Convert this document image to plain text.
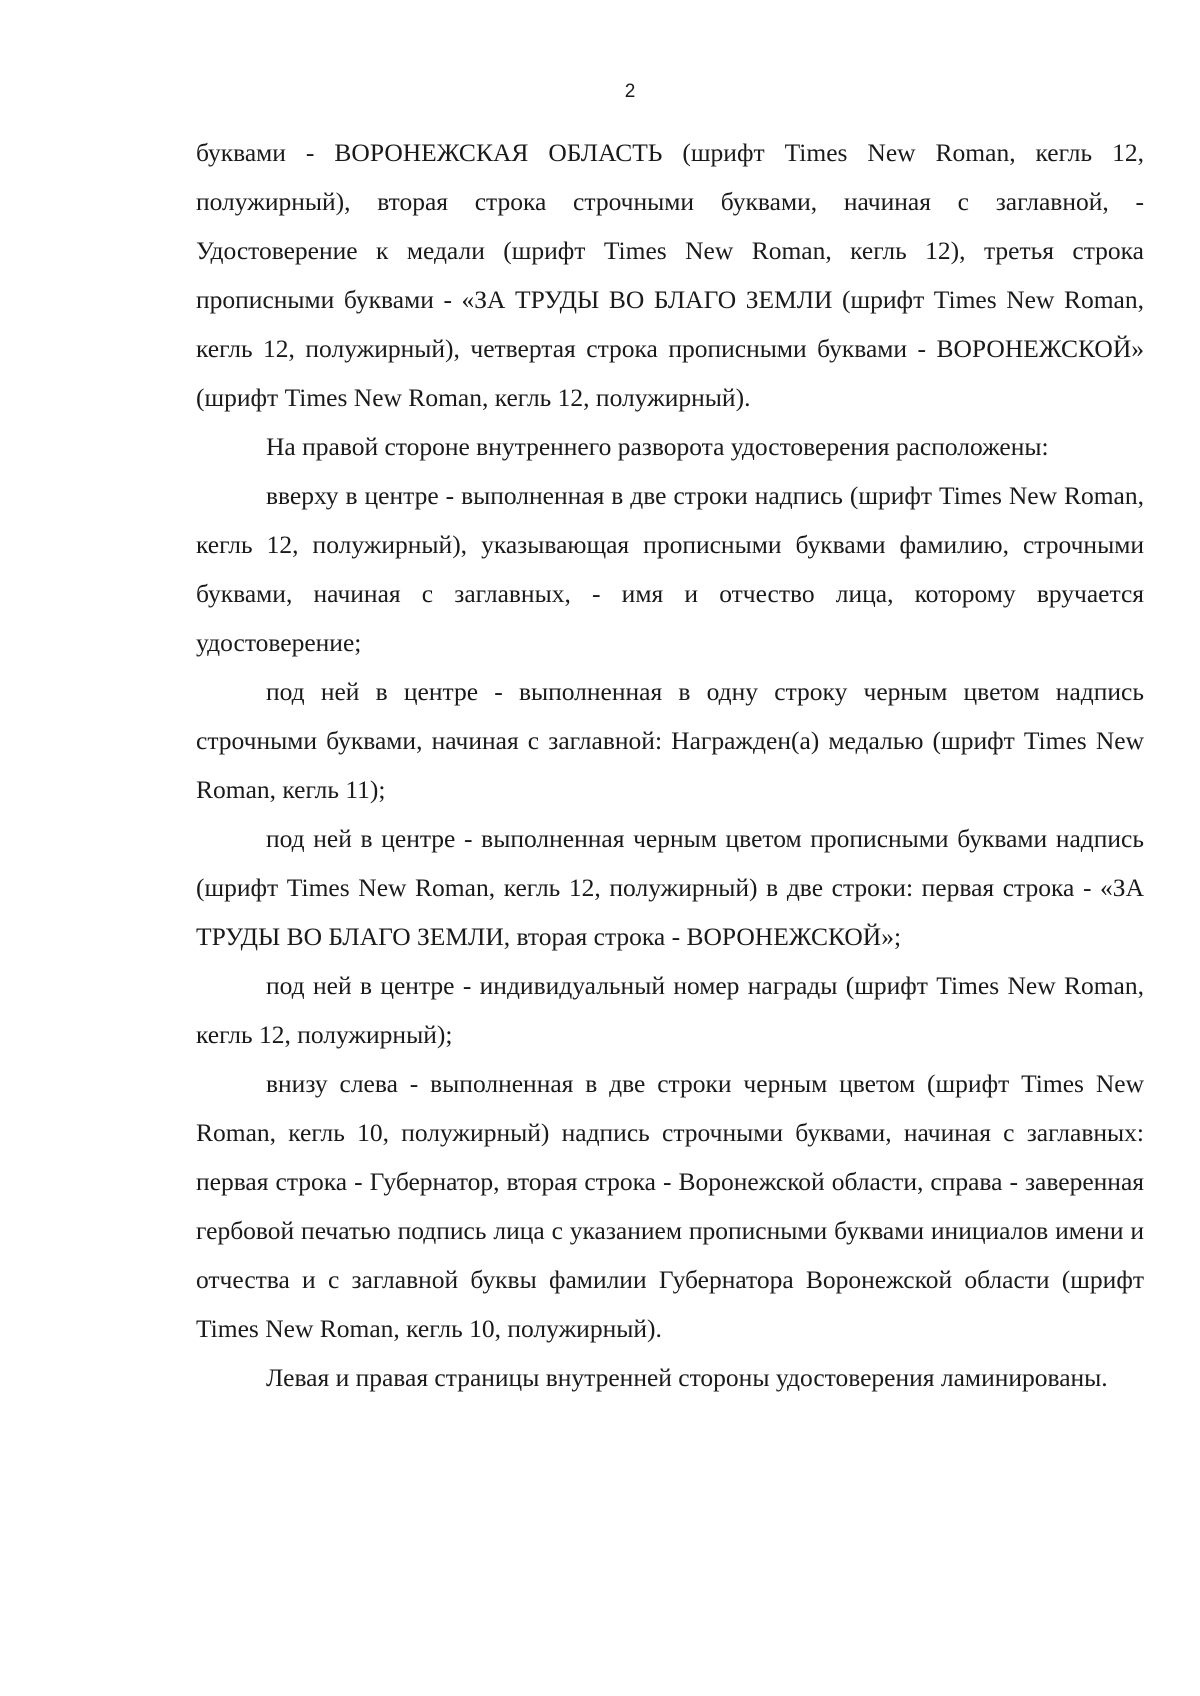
2

буквами - ВОРОНЕЖСКАЯ ОБЛАСТЬ (шрифт Times New Roman, кегль 12, полужирный), вторая строка строчными буквами, начиная с заглавной, - Удостоверение к медали (шрифт Times New Roman, кегль 12), третья строка прописными буквами - «ЗА ТРУДЫ ВО БЛАГО ЗЕМЛИ (шрифт Times New Roman, кегль 12, полужирный), четвертая строка прописными буквами - ВОРОНЕЖСКОЙ» (шрифт Times New Roman, кегль 12, полужирный).

На правой стороне внутреннего разворота удостоверения расположены:

вверху в центре - выполненная в две строки надпись (шрифт Times New Roman, кегль 12, полужирный), указывающая прописными буквами фамилию, строчными буквами, начиная с заглавных, - имя и отчество лица, которому вручается удостоверение;

под ней в центре - выполненная в одну строку черным цветом надпись строчными буквами, начиная с заглавной: Награжден(а) медалью (шрифт Times New Roman, кегль 11);

под ней в центре - выполненная черным цветом прописными буквами надпись (шрифт Times New Roman, кегль 12, полужирный) в две строки: первая строка - «ЗА ТРУДЫ ВО БЛАГО ЗЕМЛИ, вторая строка - ВОРОНЕЖСКОЙ»;

под ней в центре - индивидуальный номер награды (шрифт Times New Roman, кегль 12, полужирный);

внизу слева - выполненная в две строки черным цветом (шрифт Times New Roman, кегль 10, полужирный) надпись строчными буквами, начиная с заглавных: первая строка - Губернатор, вторая строка - Воронежской области, справа - заверенная гербовой печатью подпись лица с указанием прописными буквами инициалов имени и отчества и с заглавной буквы фамилии Губернатора Воронежской области (шрифт Times New Roman, кегль 10, полужирный).

Левая и правая страницы внутренней стороны удостоверения ламинированы.
